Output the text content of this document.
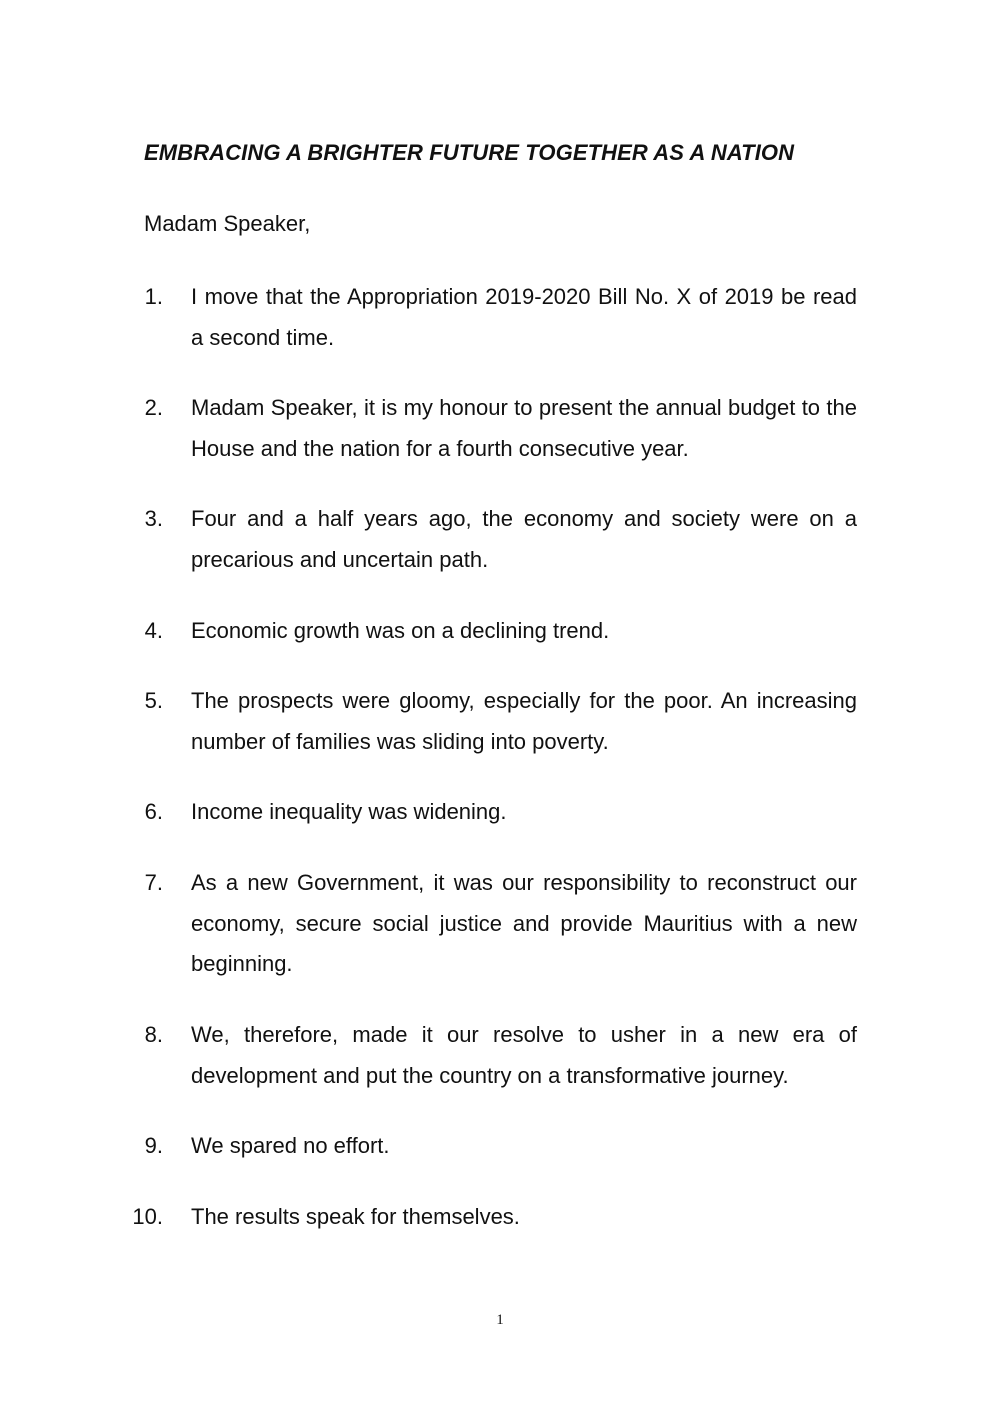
EMBRACING A BRIGHTER FUTURE TOGETHER AS A NATION
Madam Speaker,
1. I move that the Appropriation 2019-2020 Bill No. X of 2019 be read a second time.
2. Madam Speaker, it is my honour to present the annual budget to the House and the nation for a fourth consecutive year.
3. Four and a half years ago, the economy and society were on a precarious and uncertain path.
4. Economic growth was on a declining trend.
5. The prospects were gloomy, especially for the poor. An increasing number of families was sliding into poverty.
6. Income inequality was widening.
7. As a new Government, it was our responsibility to reconstruct our economy, secure social justice and provide Mauritius with a new beginning.
8. We, therefore, made it our resolve to usher in a new era of development and put the country on a transformative journey.
9. We spared no effort.
10. The results speak for themselves.
1
